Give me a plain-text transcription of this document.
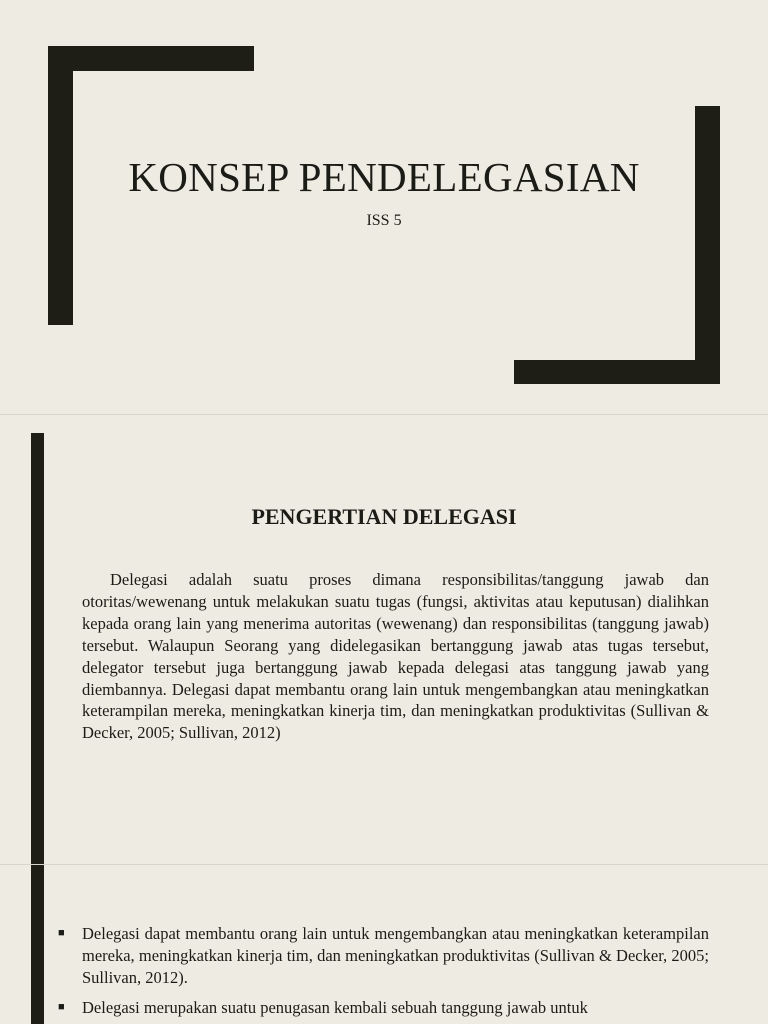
KONSEP PENDELEGASIAN
ISS 5
PENGERTIAN DELEGASI
Delegasi adalah suatu proses dimana responsibilitas/tanggung jawab dan otoritas/wewenang untuk melakukan suatu tugas (fungsi, aktivitas atau keputusan) dialihkan kepada orang lain yang menerima autoritas (wewenang) dan responsibilitas (tanggung jawab) tersebut. Walaupun Seorang yang didelegasikan bertanggung jawab atas tugas tersebut, delegator tersebut juga bertanggung jawab kepada delegasi atas tanggung jawab yang diembannya. Delegasi dapat membantu orang lain untuk mengembangkan atau meningkatkan keterampilan mereka, meningkatkan kinerja tim, dan meningkatkan produktivitas (Sullivan & Decker, 2005; Sullivan, 2012)
■	Delegasi dapat membantu orang lain untuk mengembangkan atau meningkatkan keterampilan mereka, meningkatkan kinerja tim, dan meningkatkan produktivitas (Sullivan & Decker, 2005; Sullivan, 2012).
■	Delegasi merupakan suatu penugasan kembali sebuah tanggung jawab untuk
